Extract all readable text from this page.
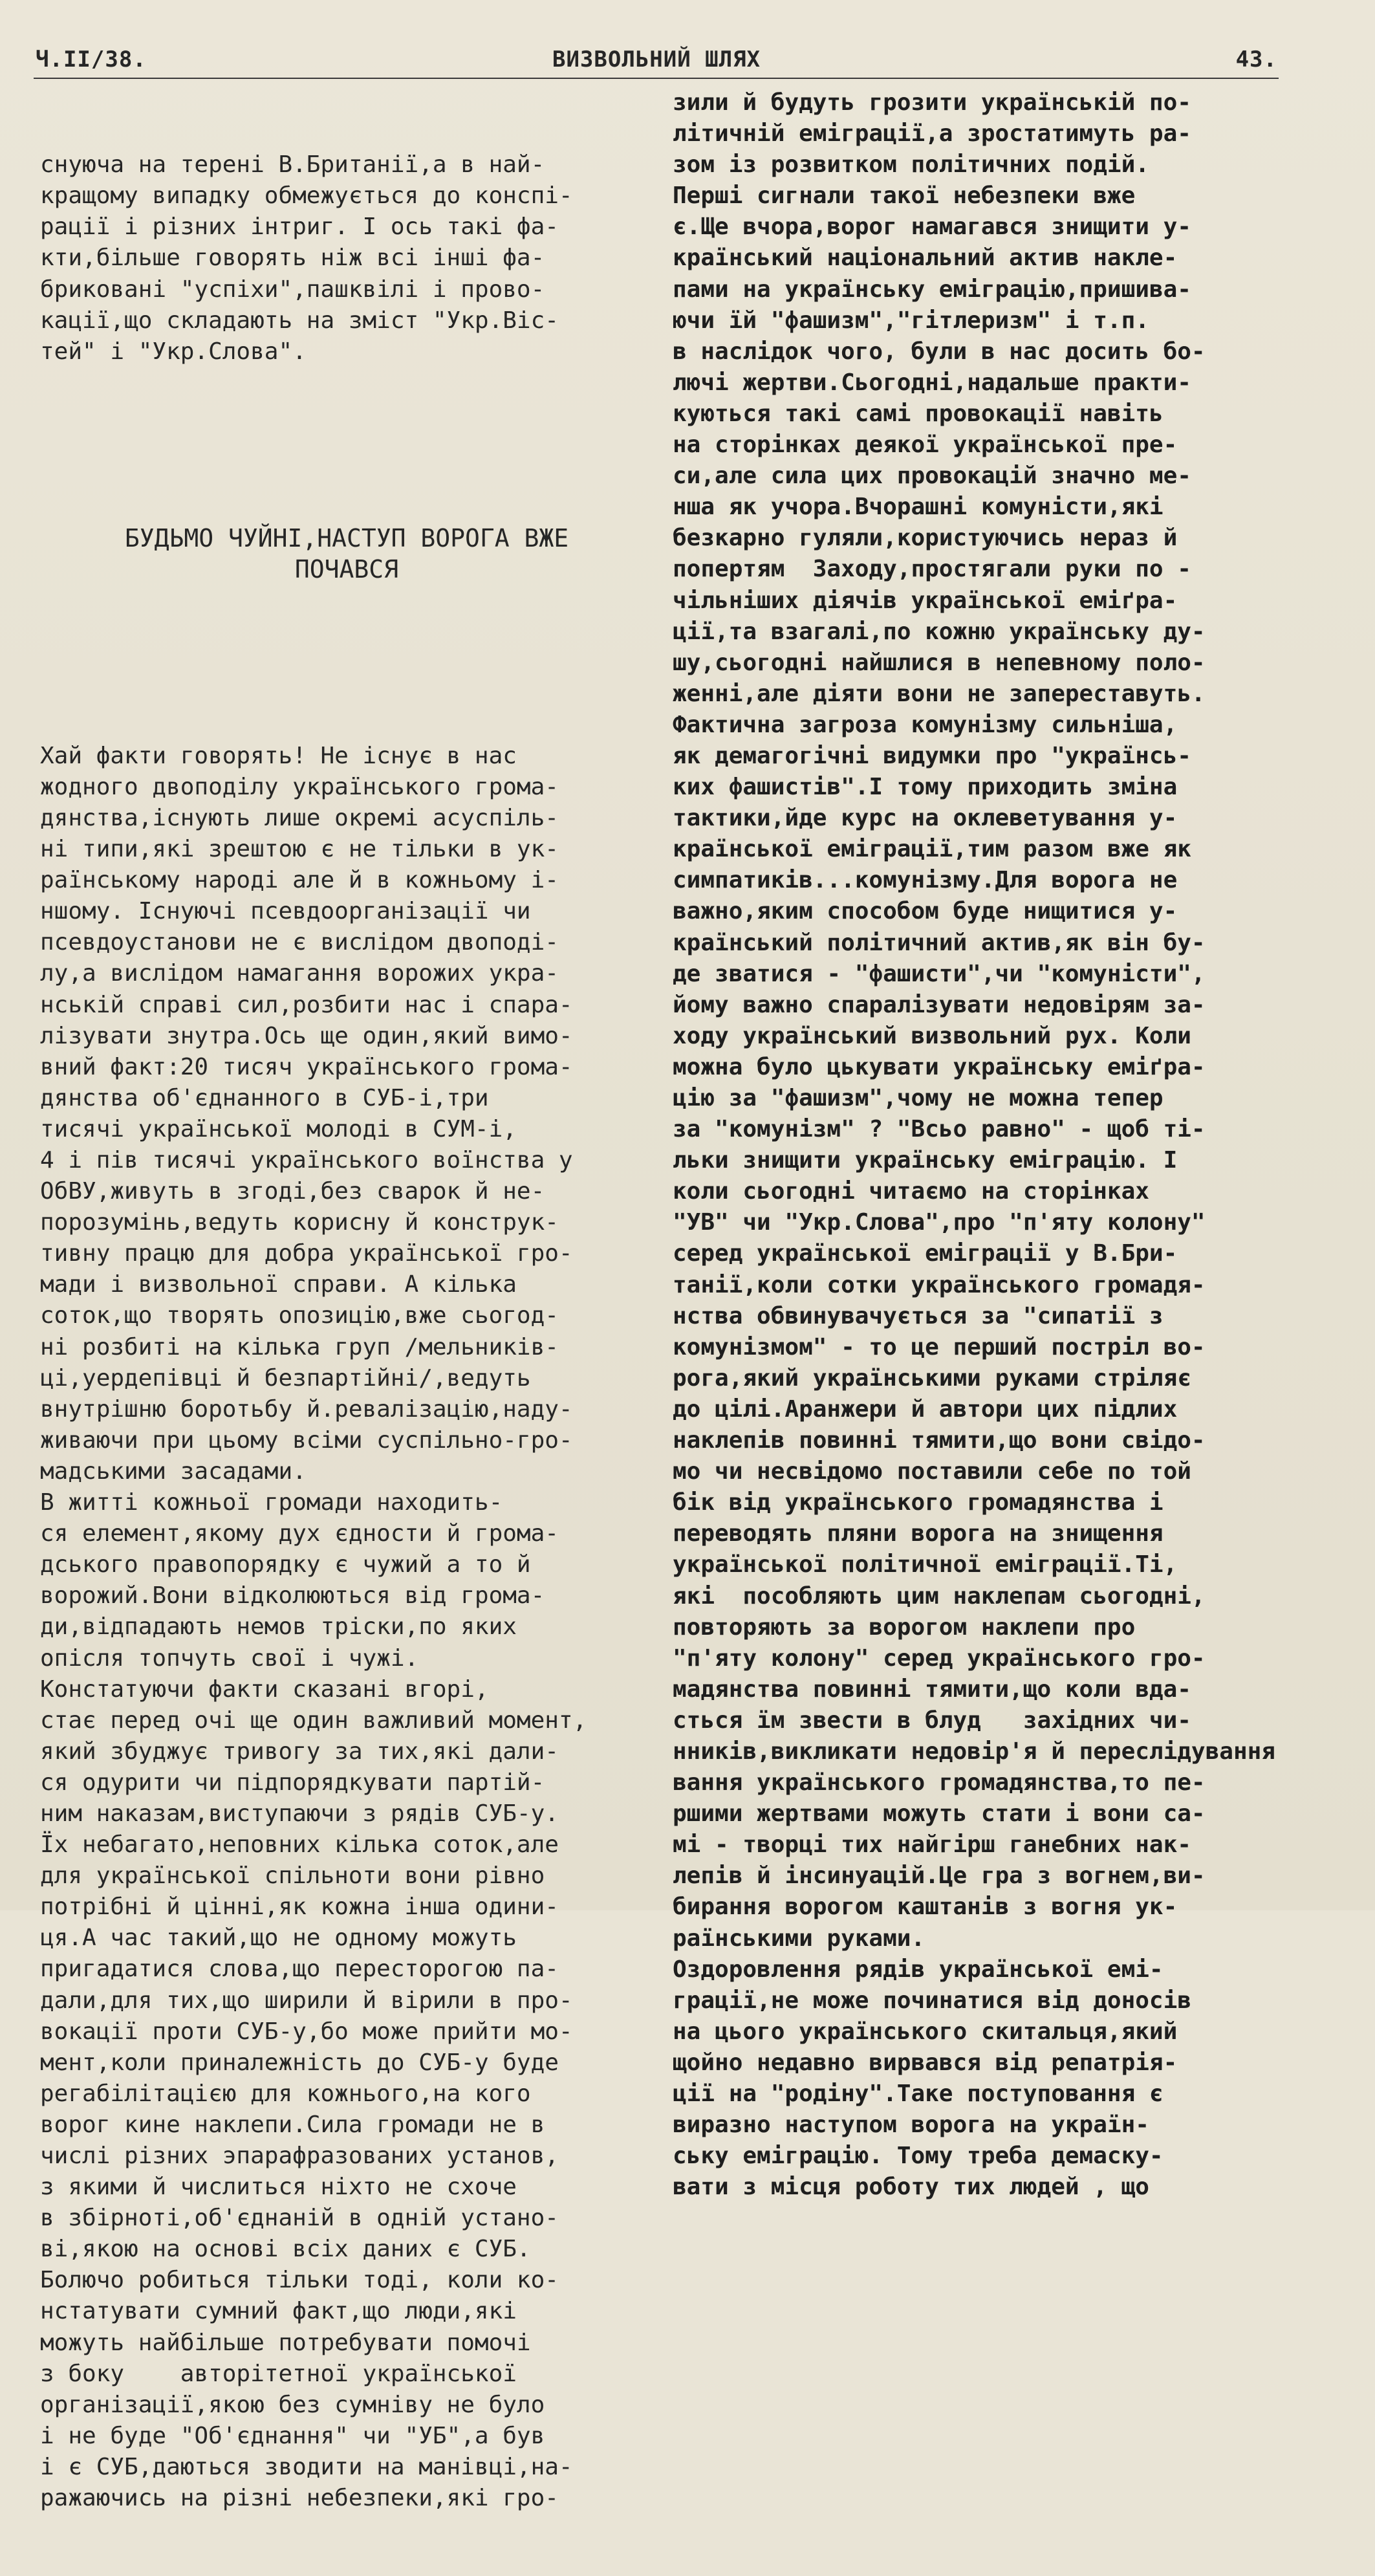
Ч.II/38.	ВИЗВОЛЬНИЙ ШЛЯХ	43.

снуюча на терені В.Британії,а в най-
кращому випадку обмежується до конспі-
рації і різних інтриг. І ось такі фа-
кти,більше говорять ніж всі інші фа-
бриковані "успіхи",пашквілі і прово-
кації,що складають на зміст "Укр.Віс-
тей" і "Укр.Слова".

БУДЬМО ЧУЙНІ,НАСТУП ВОРОГА ВЖЕ
ПОЧАВСЯ

Хай факти говорять! Не існує в нас
жодного двоподілу українського грома-
дянства,існують лише окремі асуспіль-
ні типи,які зрештою є не тільки в ук-
раїнському народі але й в кожньому і-
ншому. Існуючі псевдоорганізації чи
псевдоустанови не є вислідом двоподі-
лу,а вислідом намагання ворожих укра-
нській справі сил,розбити нас і спара-
лізувати знутра.Ось ще один,який вимо-
вний факт:20 тисяч українського грома-
дянства об'єднанного в СУБ-і,три
тисячі української молоді в СУМ-і,
4 і пів тисячі українського воїнства у
ОбВУ,живуть в згоді,без сварок й не-
порозумінь,ведуть корисну й конструк-
тивну працю для добра української гро-
мади і визвольної справи. А кілька
соток,що творять опозицію,вже сьогод-
ні розбиті на кілька груп /мельників-
ці,уердепівці й безпартійні/,ведуть
внутрішню боротьбу й.ревалізацію,наду-
живаючи при цьому всіми суспільно-гро-
мадськими засадами.
В житті кожньої громади находить-
ся елемент,якому дух єдности й грома-
дського правопорядку є чужий а то й
ворожий.Вони відколюються від грома-
ди,відпадають немов тріски,по яких
опісля топчуть свої і чужі.
Констатуючи факти сказані вгорі,
стає перед очі ще один важливий момент,
який збуджує тривогу за тих,які дали-
ся одурити чи підпорядкувати партій-
ним наказам,виступаючи з рядів СУБ-у.
Їх небагато,неповних кілька соток,але
для української спільноти вони рівно
потрібні й цінні,як кожна інша одини-
ця.А час такий,що не одному можуть
пригадатися слова,що пересторогою па-
дали,для тих,що ширили й вірили в про-
вокації проти СУБ-у,бо може прийти мо-
мент,коли приналежність до СУБ-у буде
регабілітацією для кожнього,на кого
ворог кине наклепи.Сила громади не в
числі різних эпарафразованих установ,
з якими й числиться ніхто не схоче
в збірноті,об'єднаній в одній устано-
ві,якою на основі всіх даних є СУБ.
Болючо робиться тільки тоді, коли ко-
нстатувати сумний факт,що люди,які
можуть найбільше потребувати помочі
з боку    авторітетної української
організації,якою без сумніву не було
і не буде "Об'єднання" чи "УБ",а був
і є СУБ,даються зводити на манівці,на-
ражаючись на різні небезпеки,які гро-

зили й будуть грозити українській по-
літичній еміграції,а зростатимуть ра-
зом із розвитком політичних подій.
Перші сигнали такої небезпеки вже
є.Ще вчора,ворог намагався знищити у-
країнський національний актив накле-
пами на українську еміграцію,пришива-
ючи їй "фашизм","гітлеризм" і т.п.
в наслідок чого, були в нас досить бо-
лючі жертви.Сьогодні,надальше практи-
куються такі самі провокації навіть
на сторінках деякої української пре-
си,але сила цих провокацій значно ме-
нша як учора.Вчорашні комуністи,які
безкарно гуляли,користуючись нераз й
попертям  Заходу,простягали руки по -
чільніших діячів української еміґра-
ції,та взагалі,по кожню українську ду-
шу,сьогодні найшлися в непевному поло-
женні,але діяти вони не запереставуть.
Фактична загроза комунізму сильніша,
як демагогічні видумки про "українсь-
ких фашистів".І тому приходить зміна
тактики,йде курс на оклеветування у-
країнської еміграції,тим разом вже як
симпатиків...комунізму.Для ворога не
важно,яким способом буде нищитися у-
країнський політичний актив,як він бу-
де зватися - "фашисти",чи "комуністи",
йому важно спаралізувати недовірям за-
ходу український визвольний рух. Коли
можна було цькувати українську еміґра-
цію за "фашизм",чому не можна тепер
за "комунізм" ? "Всьо равно" - щоб ті-
льки знищити українську еміграцію. І
коли сьогодні читаємо на сторінках
"УВ" чи "Укр.Слова",про "п'яту колону"
серед української еміграції у В.Бри-
танії,коли сотки українського громадя-
нства обвинувачується за "сипатії з
комунізмом" - то це перший постріл во-
рога,який українськими руками стріляє
до цілі.Аранжери й автори цих підлих
наклепів повинні тямити,що вони свідо-
мо чи несвідомо поставили себе по той
бік від українського громадянства і
переводять пляни ворога на знищення
української політичної еміграції.Ті,
які  пособляють цим наклепам сьогодні,
повторяють за ворогом наклепи про
"п'яту колону" серед українського гро-
мадянства повинні тямити,що коли вда-
сться їм звести в блуд   західних чи-
нників,викликати недовір'я й переслідування
вання українського громадянства,то пе-
ршими жертвами можуть стати і вони са-
мі - творці тих найгірш ганебних нак-
лепів й інсинуацій.Це гра з вогнем,ви-
бирання ворогом каштанів з вогня ук-
раїнськими руками.
Оздоровлення рядів української емі-
грації,не може починатися від доносів
на цього українського скитальця,який
щойно недавно вирвався від репатрія-
ції на "родіну".Таке поступовання є
виразно наступом ворога на україн-
ську еміграцію. Тому треба демаску-
вати з місця роботу тих людей , що
